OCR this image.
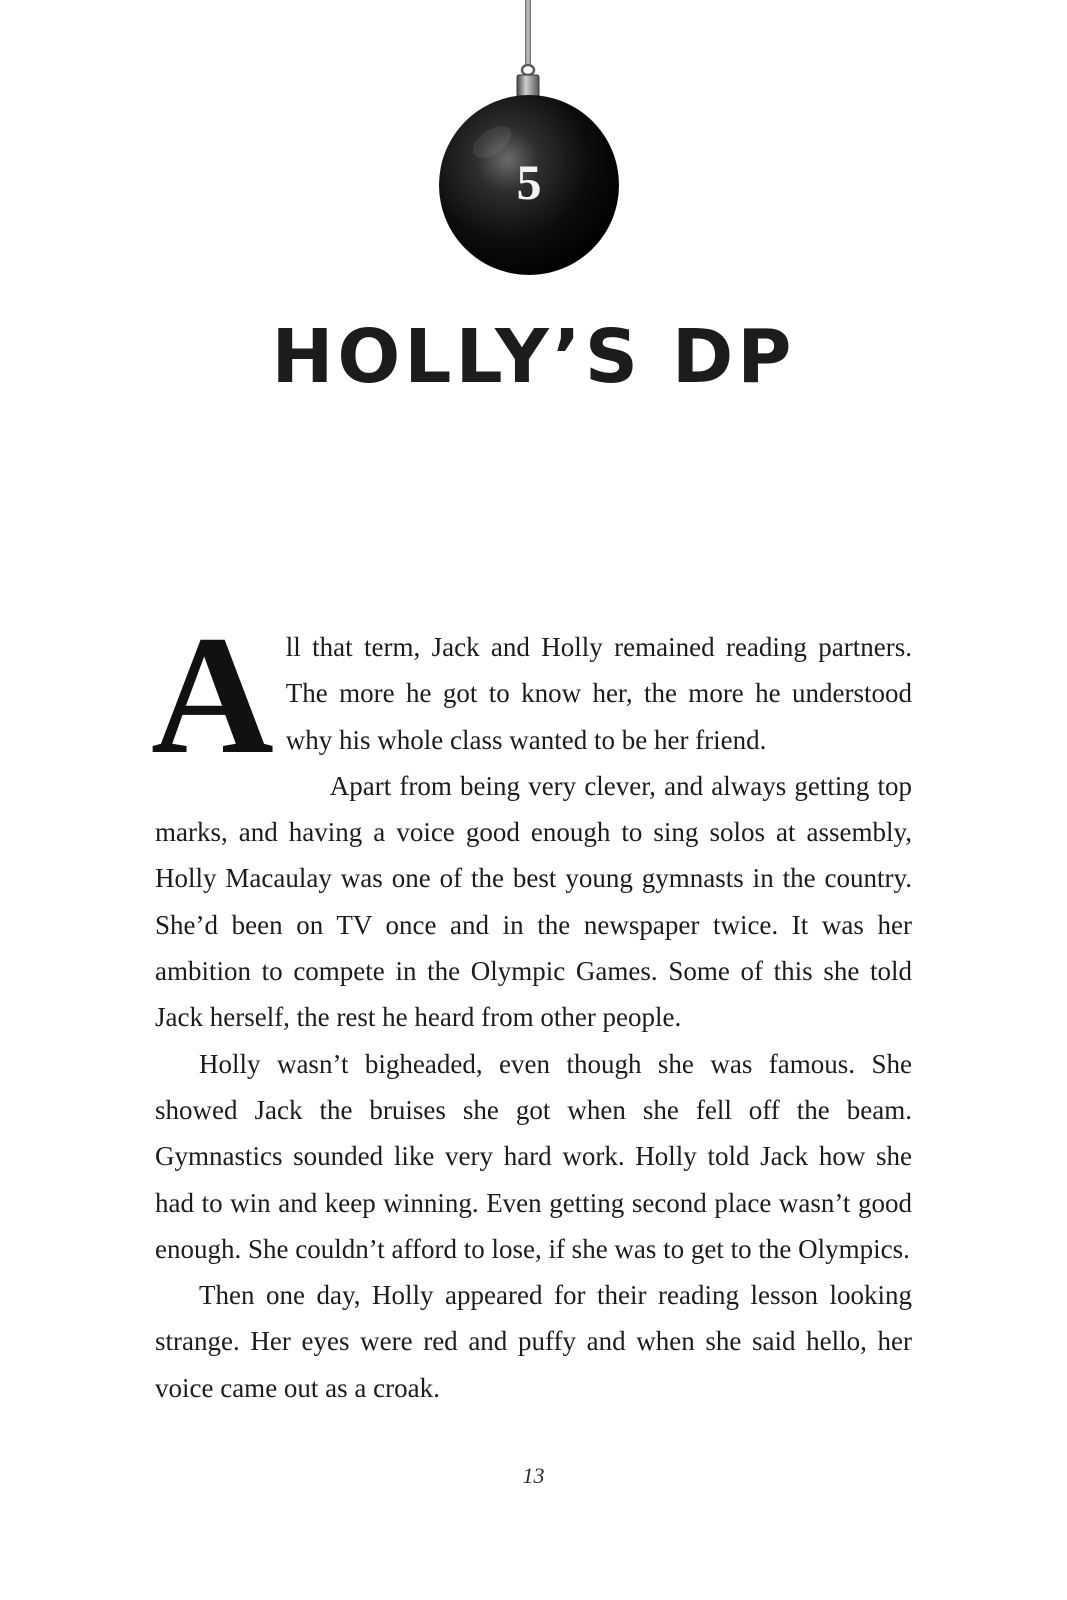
5
HOLLY’S DP

All that term, Jack and Holly remained reading partners. The more he got to know her, the more he understood why his whole class wanted to be her friend.

Apart from being very clever, and always getting top marks, and having a voice good enough to sing solos at assembly, Holly Macaulay was one of the best young gymnasts in the country. She’d been on TV once and in the newspaper twice. It was her ambition to compete in the Olympic Games. Some of this she told Jack herself, the rest he heard from other people.

Holly wasn’t bigheaded, even though she was famous. She showed Jack the bruises she got when she fell off the beam. Gymnastics sounded like very hard work. Holly told Jack how she had to win and keep winning. Even getting second place wasn’t good enough. She couldn’t afford to lose, if she was to get to the Olympics.

Then one day, Holly appeared for their reading lesson looking strange. Her eyes were red and puffy and when she said hello, her voice came out as a croak.

13
